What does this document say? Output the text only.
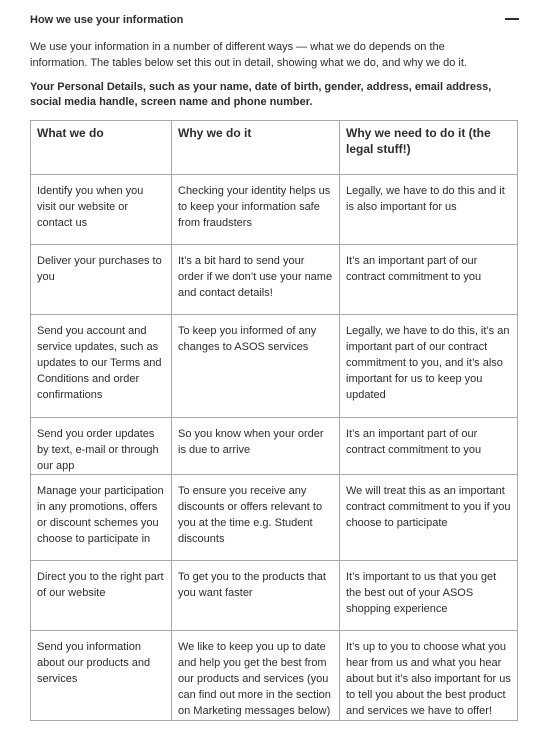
How we use your information

We use your information in a number of different ways — what we do depends on the information. The tables below set this out in detail, showing what we do, and why we do it.

Your Personal Details, such as your name, date of birth, gender, address, email address, social media handle, screen name and phone number.

What we do	Why we do it	Why we need to do it (the legal stuff!)
Identify you when you visit our website or contact us	Checking your identity helps us to keep your information safe from fraudsters	Legally, we have to do this and it is also important for us
Deliver your purchases to you	It’s a bit hard to send your order if we don’t use your name and contact details!	It’s an important part of our contract commitment to you
Send you account and service updates, such as updates to our Terms and Conditions and order confirmations	To keep you informed of any changes to ASOS services	Legally, we have to do this, it’s an important part of our contract commitment to you, and it’s also important for us to keep you updated
Send you order updates by text, e-mail or through our app	So you know when your order is due to arrive	It’s an important part of our contract commitment to you
Manage your participation in any promotions, offers or discount schemes you choose to participate in	To ensure you receive any discounts or offers relevant to you at the time e.g. Student discounts	We will treat this as an important contract commitment to you if you choose to participate
Direct you to the right part of our website	To get you to the products that you want faster	It’s important to us that you get the best out of your ASOS shopping experience
Send you information about our products and services	We like to keep you up to date and help you get the best from our products and services (you can find out more in the section on Marketing messages below)	It’s up to you to choose what you hear from us and what you hear about but it’s also important for us to tell you about the best product and services we have to offer!
